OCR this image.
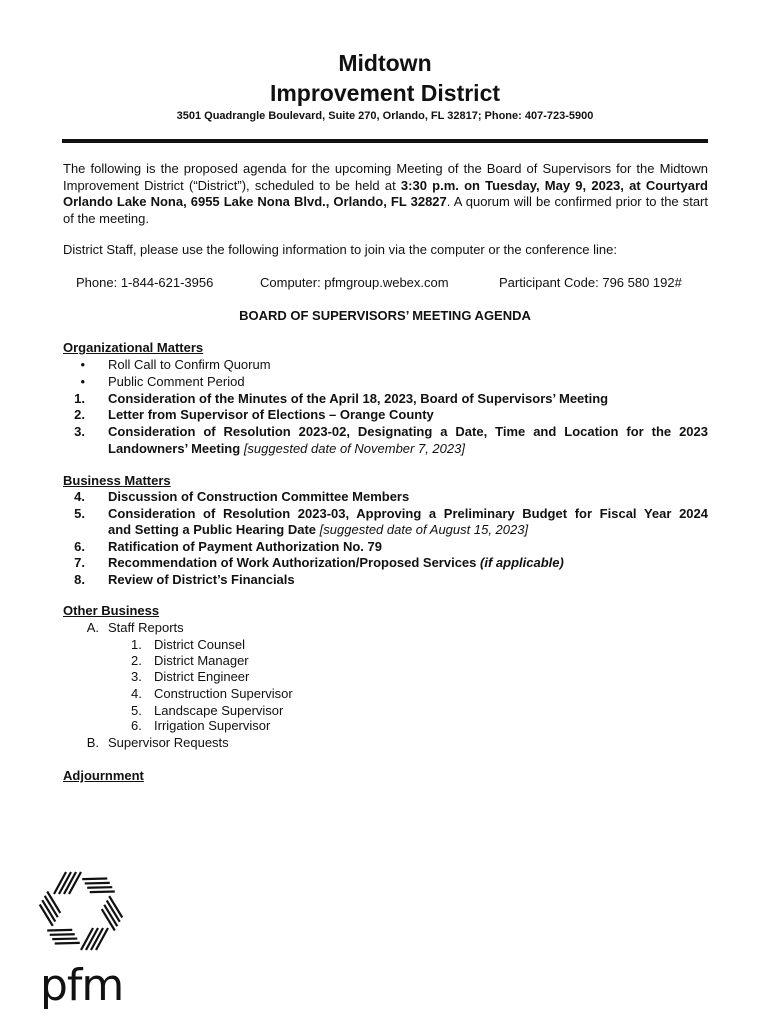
Midtown
Improvement District
3501 Quadrangle Boulevard, Suite 270, Orlando, FL 32817; Phone: 407-723-5900
The following is the proposed agenda for the upcoming Meeting of the Board of Supervisors for the Midtown Improvement District (“District”), scheduled to be held at 3:30 p.m. on Tuesday, May 9, 2023, at Courtyard Orlando Lake Nona, 6955 Lake Nona Blvd., Orlando, FL 32827. A quorum will be confirmed prior to the start of the meeting.
District Staff, please use the following information to join via the computer or the conference line:
Phone: 1-844-621-3956	Computer: pfmgroup.webex.com	Participant Code: 796 580 192#
BOARD OF SUPERVISORS’ MEETING AGENDA
Organizational Matters
• Roll Call to Confirm Quorum
• Public Comment Period
1. Consideration of the Minutes of the April 18, 2023, Board of Supervisors’ Meeting
2. Letter from Supervisor of Elections – Orange County
3. Consideration of Resolution 2023-02, Designating a Date, Time and Location for the 2023
Landowners’ Meeting [suggested date of November 7, 2023]
Business Matters
4. Discussion of Construction Committee Members
5. Consideration of Resolution 2023-03, Approving a Preliminary Budget for Fiscal Year 2024
and Setting a Public Hearing Date [suggested date of August 15, 2023]
6. Ratification of Payment Authorization No. 79
7. Recommendation of Work Authorization/Proposed Services (if applicable)
8. Review of District’s Financials
Other Business
A. Staff Reports
1. District Counsel
2. District Manager
3. District Engineer
4. Construction Supervisor
5. Landscape Supervisor
6. Irrigation Supervisor
B. Supervisor Requests
Adjournment
pfm
